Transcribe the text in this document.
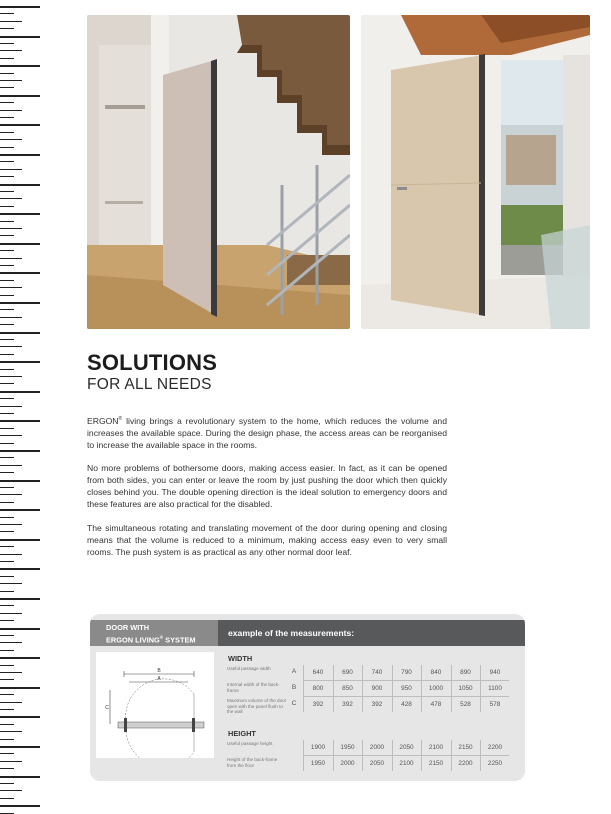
SOLUTIONS
FOR ALL NEEDS

ERGON® living brings a revolutionary system to the home, which reduces the volume and increases the available space. During the design phase, the access areas can be reorganised to increase the available space in the rooms.

No more problems of bothersome doors, making access easier. In fact, as it can be opened from both sides, you can enter or leave the room by just pushing the door which then quickly closes behind you. The double opening direction is the ideal solution to emergency doors and these features are also practical for the disabled.

The simultaneous rotating and translating movement of the door during opening and closing means that the volume is reduced to a minimum, making access easy even to very small rooms. The push system is as practical as any other normal door leaf.

DOOR WITH
ERGON LIVING® SYSTEM
example of the measurements:
B
A
C
WIDTH
Useful passage width	A	640	690	740	790	840	890	940
Internal width of the back-frame	B	800	850	900	950	1000	1050	1100
Maximum volume of the door open with the panel flush to the wall
C	392	392	392	428	478	528	578
HEIGHT
Useful passage height
1900	1950	2000	2050	2100	2150	2200
Height of the back-frame from the floor	1950	2000	2050	2100	2150	2200	2250
